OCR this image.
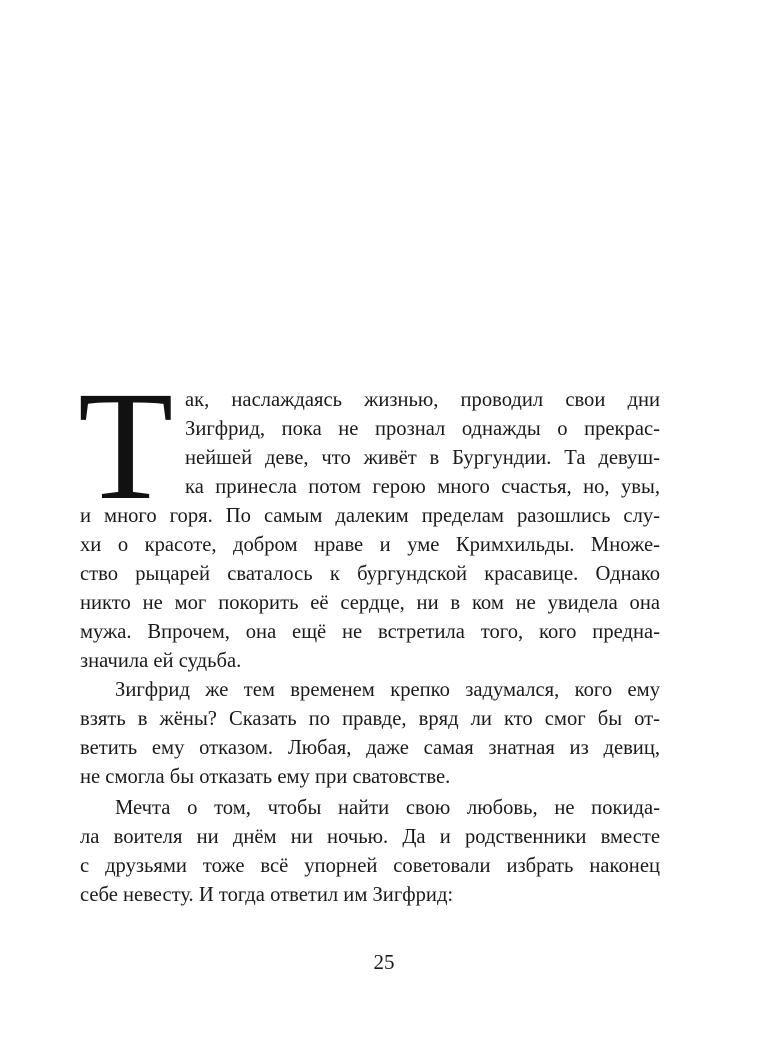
Т ак, наслаждаясь жизнью, проводил свои дни
Зигфрид, пока не прознал однажды о прекрас-
нейшей деве, что живёт в Бургундии. Та девуш-
ка принесла потом герою много счастья, но, увы,
и много горя. По самым далеким пределам разошлись слу-
хи о красоте, добром нраве и уме Кримхильды. Множе-
ство рыцарей сваталось к бургундской красавице. Однако
никто не мог покорить её сердце, ни в ком не увидела она
мужа. Впрочем, она ещё не встретила того, кого предна-
значила ей судьба.
Зигфрид же тем временем крепко задумался, кого ему
взять в жёны? Сказать по правде, вряд ли кто смог бы от-
ветить ему отказом. Любая, даже самая знатная из девиц,
не смогла бы отказать ему при сватовстве.
Мечта о том, чтобы найти свою любовь, не покида-
ла воителя ни днём ни ночью. Да и родственники вместе
с друзьями тоже всё упорней советовали избрать наконец
себе невесту. И тогда ответил им Зигфрид:
25
